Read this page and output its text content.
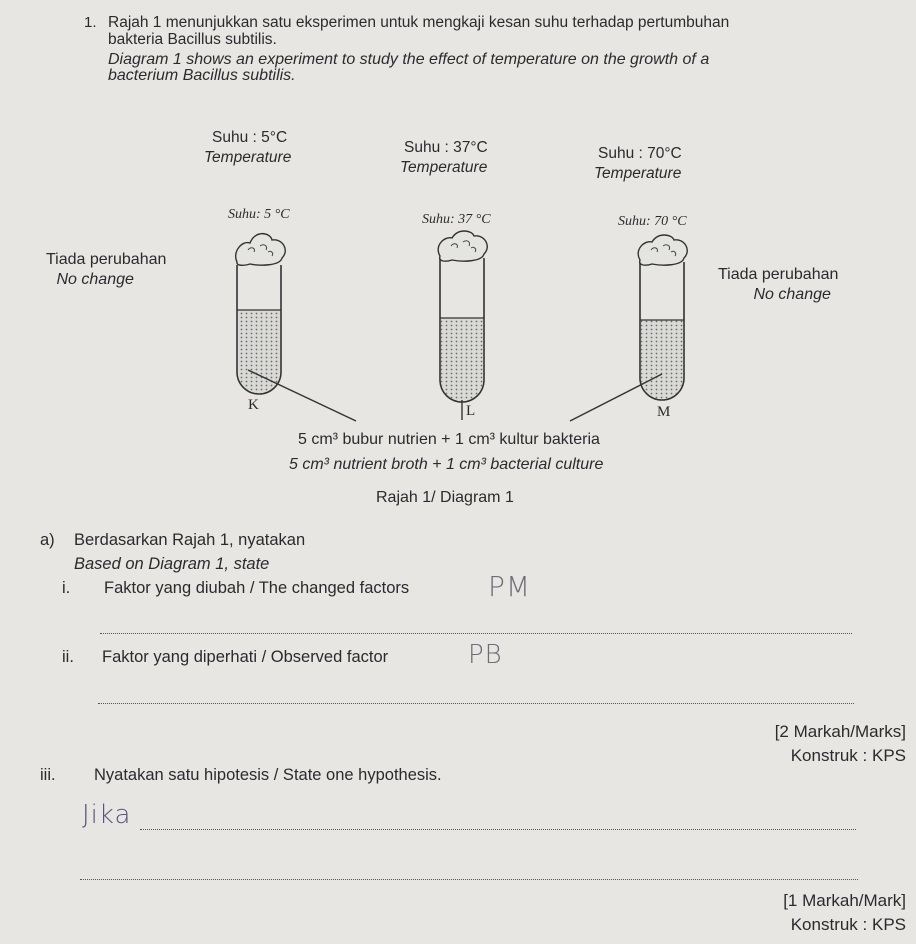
1. Rajah 1 menunjukkan satu eksperimen untuk mengkaji kesan suhu terhadap pertumbuhan
bakteria Bacillus subtilis.
Diagram 1 shows an experiment to study the effect of temperature on the growth of a
bacterium Bacillus subtilis.
Suhu : 5°C
Temperature
Suhu : 37°C
Temperature
Suhu : 70°C
Temperature
Tiada perubahan
No change	Tiada perubahan
No change
Suhu: 5 °C	Suhu: 37 °C	Suhu: 70 °C
K	L	M
5 cm³ bubur nutrien + 1 cm³ kultur bakteria
5 cm³ nutrient broth + 1 cm³ bacterial culture
Rajah 1/ Diagram 1
a) Berdasarkan Rajah 1, nyatakan
Based on Diagram 1, state
i. Faktor yang diubah / The changed factors	PM
ii. Faktor yang diperhati / Observed factor	PB
[2 Markah/Marks]
Konstruk : KPS
iii. Nyatakan satu hipotesis / State one hypothesis.
Jika
[1 Markah/Mark]
Konstruk : KPS
